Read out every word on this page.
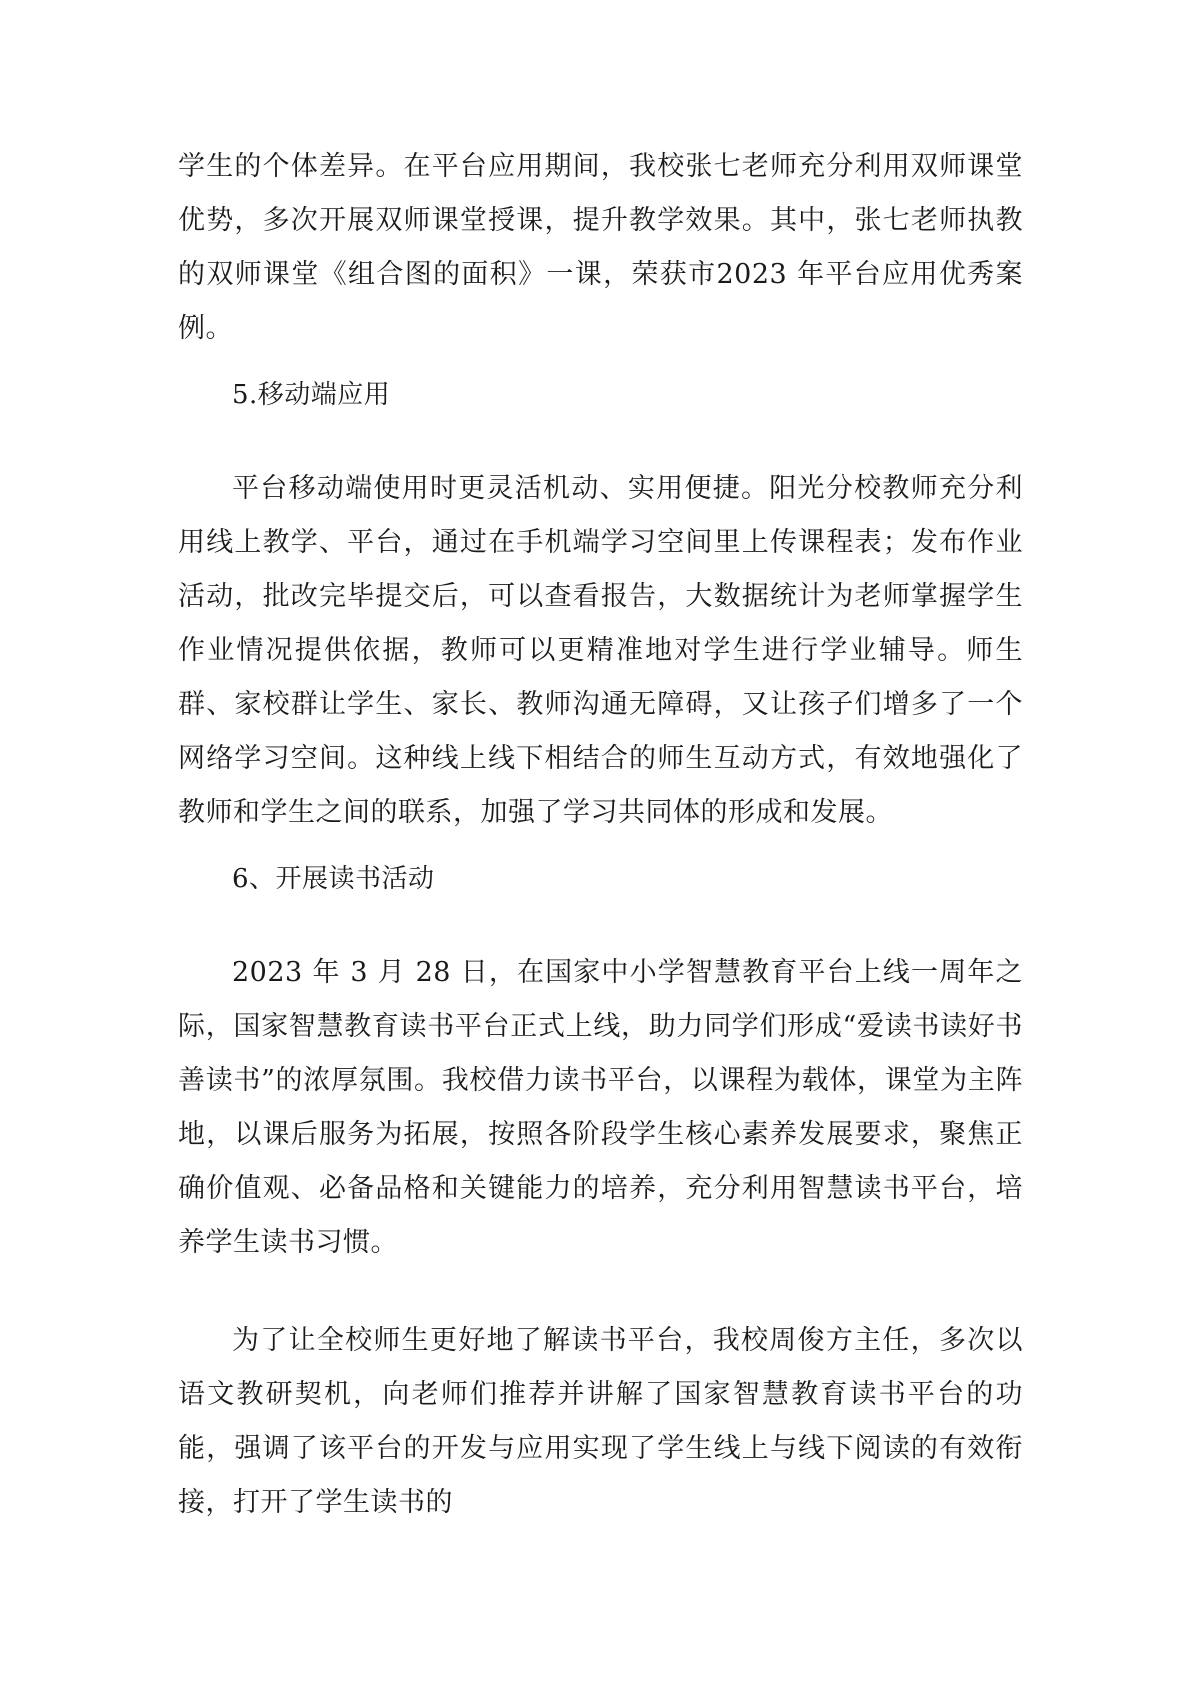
学生的个体差异。在平台应用期间，我校张七老师充分利用双师课堂优势，多次开展双师课堂授课，提升教学效果。其中，张七老师执教的双师课堂《组合图的面积》一课，荣获市2023 年平台应用优秀案例。

5.移动端应用

平台移动端使用时更灵活机动、实用便捷。阳光分校教师充分利用线上教学、平台，通过在手机端学习空间里上传课程表；发布作业活动，批改完毕提交后，可以查看报告，大数据统计为老师掌握学生作业情况提供依据，教师可以更精准地对学生进行学业辅导。师生群、家校群让学生、家长、教师沟通无障碍，又让孩子们增多了一个网络学习空间。这种线上线下相结合的师生互动方式，有效地强化了教师和学生之间的联系，加强了学习共同体的形成和发展。

6、开展读书活动

2023 年 3 月 28 日，在国家中小学智慧教育平台上线一周年之际，国家智慧教育读书平台正式上线，助力同学们形成“爱读书读好书善读书”的浓厚氛围。我校借力读书平台，以课程为载体，课堂为主阵地，以课后服务为拓展，按照各阶段学生核心素养发展要求，聚焦正确价值观、必备品格和关键能力的培养，充分利用智慧读书平台，培养学生读书习惯。

为了让全校师生更好地了解读书平台，我校周俊方主任，多次以语文教研契机，向老师们推荐并讲解了国家智慧教育读书平台的功能，强调了该平台的开发与应用实现了学生线上与线下阅读的有效衔接，打开了学生读书的
